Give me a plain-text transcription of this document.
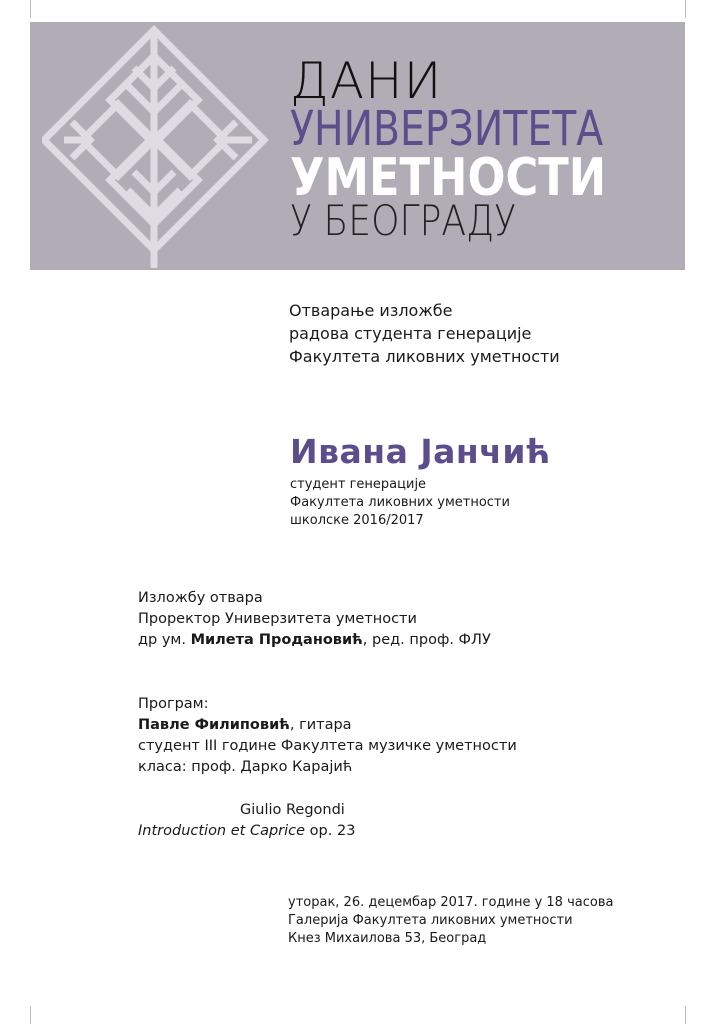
ДАНИ
УНИВЕРЗИТЕТА
УМЕТНОСТИ
У БЕОГРАДУ
Отварање изложбе
радова студента генерације
Факултета ликовних уметности
Ивана Јанчић
студент генерације
Факултета ликовних уметности
школске 2016/2017
Изложбу отвара
Проректор Универзитета уметности
др ум. Милета Продановић, ред. проф. ФЛУ
Програм:
Павле Филиповић, гитара
студент III године Факултета музичке уметности
класа: проф. Дарко Карајић
Giulio Regondi
Introduction et Caprice op. 23
уторак, 26. децембар 2017. године у 18 часова
Галерија Факултета ликовних уметности
Кнез Михаилова 53, Београд
